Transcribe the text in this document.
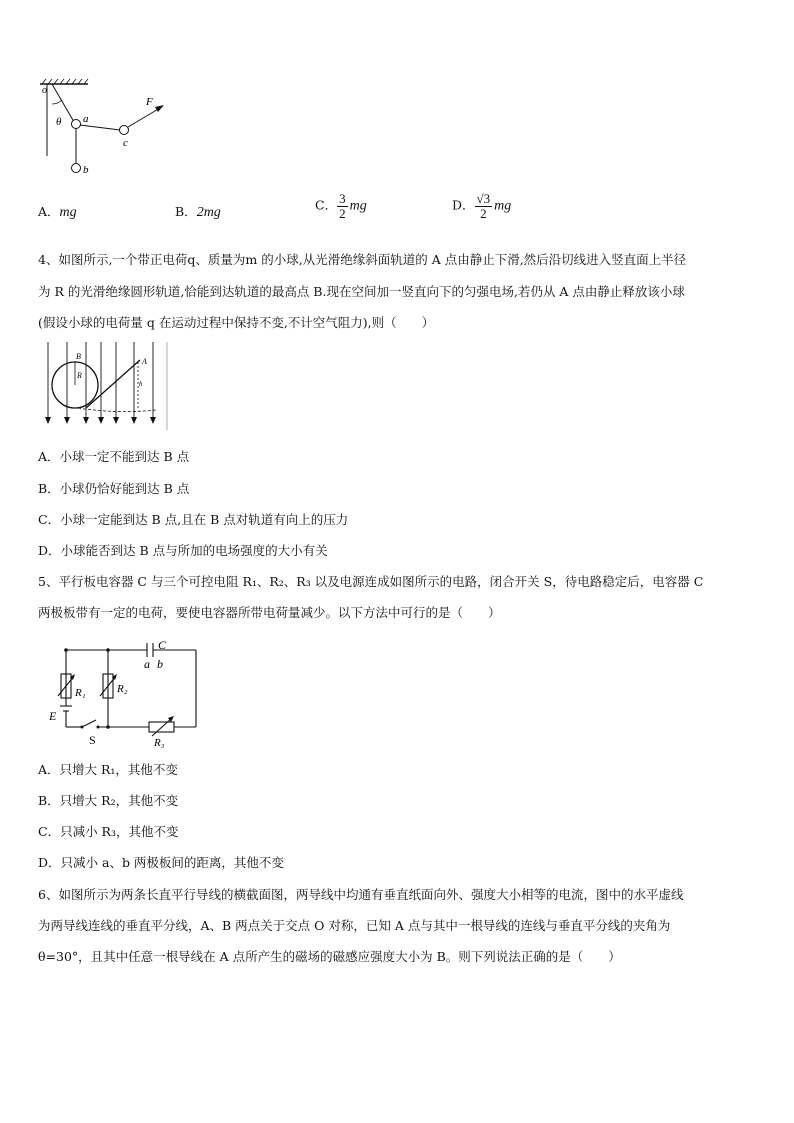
o
θ a
b
c
F
A．mg	B．2mg	C． $\frac{3}{2}$ mg	D． $\frac{√3}{2}$ mg
4、如图所示,一个带正电荷q、质量为m 的小球,从光滑绝缘斜面轨道的 A 点由静止下滑,然后沿切线进入竖直面上半径
为 R 的光滑绝缘圆形轨道,恰能到达轨道的最高点 B.现在空间加一竖直向下的匀强电场,若仍从 A 点由静止释放该小球
(假设小球的电荷量 q 在运动过程中保持不变,不计空气阻力),则（　　）
B
R
A
h
A．小球一定不能到达 B 点
B．小球仍恰好能到达 B 点
C．小球一定能到达 B 点,且在 B 点对轨道有向上的压力
D．小球能否到达 B 点与所加的电场强度的大小有关
5、平行板电容器 C 与三个可控电阻 R₁、R₂、R₃ 以及电源连成如图所示的电路，闭合开关 S，待电路稳定后，电容器 C
两极板带有一定的电荷，要使电容器所带电荷量减少。以下方法中可行的是（　　）
C
a b
R₁	R₂
E
S	R₃
A．只增大 R₁，其他不变
B．只增大 R₂，其他不变
C．只减小 R₃，其他不变
D．只减小 a、b 两极板间的距离，其他不变
6、如图所示为两条长直平行导线的横截面图，两导线中均通有垂直纸面向外、强度大小相等的电流，图中的水平虚线
为两导线连线的垂直平分线，A、B 两点关于交点 O 对称，已知 A 点与其中一根导线的连线与垂直平分线的夹角为
θ=30°，且其中任意一根导线在 A 点所产生的磁场的磁感应强度大小为 B。则下列说法正确的是（　　）
